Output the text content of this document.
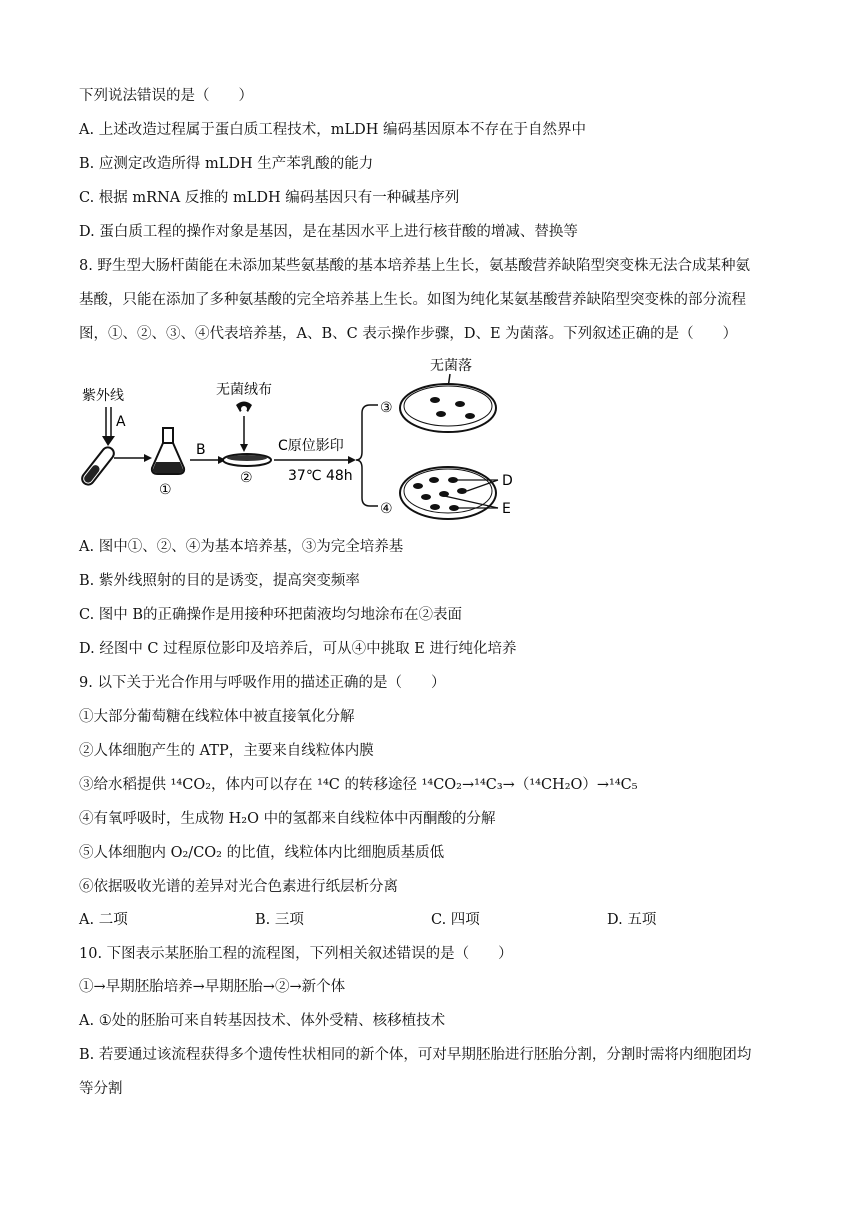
下列说法错误的是（　　）
A. 上述改造过程属于蛋白质工程技术，mLDH 编码基因原本不存在于自然界中
B. 应测定改造所得 mLDH 生产苯乳酸的能力
C. 根据 mRNA 反推的 mLDH 编码基因只有一种碱基序列
D. 蛋白质工程的操作对象是基因，是在基因水平上进行核苷酸的增减、替换等
8. 野生型大肠杆菌能在未添加某些氨基酸的基本培养基上生长，氨基酸营养缺陷型突变株无法合成某种氨
基酸，只能在添加了多种氨基酸的完全培养基上生长。如图为纯化某氨基酸营养缺陷型突变株的部分流程
图，①、②、③、④代表培养基，A、B、C 表示操作步骤，D、E 为菌落。下列叙述正确的是（　　）
紫外线
A
①
B
无菌绒布
②
C原位影印
37℃ 48h
③
无菌落
④
D
E
A. 图中①、②、④为基本培养基，③为完全培养基
B. 紫外线照射的目的是诱变，提高突变频率
C. 图中 B的正确操作是用接种环把菌液均匀地涂布在②表面
D. 经图中 C 过程原位影印及培养后，可从④中挑取 E 进行纯化培养
9. 以下关于光合作用与呼吸作用的描述正确的是（　　）
①大部分葡萄糖在线粒体中被直接氧化分解
②人体细胞产生的 ATP，主要来自线粒体内膜
③给水稻提供 ¹⁴CO₂，体内可以存在 ¹⁴C 的转移途径 ¹⁴CO₂→¹⁴C₃→（¹⁴CH₂O）→¹⁴C₅
④有氧呼吸时，生成物 H₂O 中的氢都来自线粒体中丙酮酸的分解
⑤人体细胞内 O₂/CO₂ 的比值，线粒体内比细胞质基质低
⑥依据吸收光谱的差异对光合色素进行纸层析分离
A. 二项	B. 三项	C. 四项	D. 五项
10. 下图表示某胚胎工程的流程图，下列相关叙述错误的是（　　）
①→早期胚胎培养→早期胚胎→②→新个体
A. ①处的胚胎可来自转基因技术、体外受精、核移植技术
B. 若要通过该流程获得多个遗传性状相同的新个体，可对早期胚胎进行胚胎分割，分割时需将内细胞团均
等分割
